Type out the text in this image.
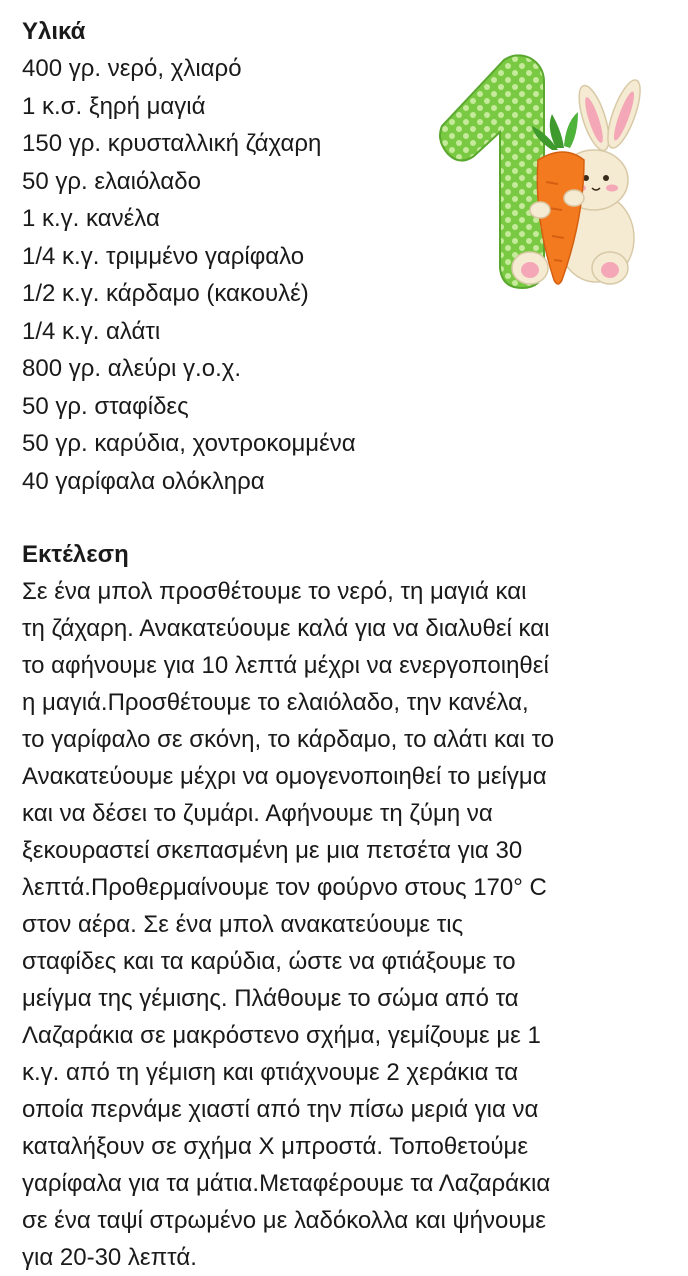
Υλικά
400 γρ. νερό, χλιαρό
1 κ.σ. ξηρή μαγιά
150 γρ. κρυσταλλική ζάχαρη
50 γρ. ελαιόλαδο
1 κ.γ. κανέλα
1/4 κ.γ. τριμμένο γαρίφαλο
1/2 κ.γ. κάρδαμο (κακουλέ)
1/4 κ.γ. αλάτι
800 γρ. αλεύρι γ.ο.χ.
50 γρ. σταφίδες
50 γρ. καρύδια, χοντροκομμένα
40 γαρίφαλα ολόκληρα
Εκτέλεση

Σε ένα μπολ προσθέτουμε το νερό, τη μαγιά και

τη ζάχαρη. Ανακατεύουμε καλά για να διαλυθεί και

το αφήνουμε για 10 λεπτά μέχρι να ενεργοποιηθεί

η μαγιά.Προσθέτουμε το ελαιόλαδο, την κανέλα,

το γαρίφαλο σε σκόνη, το κάρδαμο, το αλάτι και το

Ανακατεύουμε μέχρι να ομογενοποιηθεί το μείγμα

και να δέσει το ζυμάρι. Αφήνουμε τη ζύμη να

ξεκουραστεί σκεπασμένη με μια πετσέτα για 30

λεπτά.Προθερμαίνουμε τον φούρνο στους 170° C

στον αέρα. Σε ένα μπολ ανακατεύουμε τις

σταφίδες και τα καρύδια, ώστε να φτιάξουμε το

μείγμα της γέμισης. Πλάθουμε το σώμα από τα

Λαζαράκια σε μακρόστενο σχήμα, γεμίζουμε με 1

κ.γ. από τη γέμιση και φτιάχνουμε 2 χεράκια τα

οποία περνάμε χιαστί από την πίσω μεριά για να

καταλήξουν σε σχήμα Χ μπροστά. Τοποθετούμε

γαρίφαλα για τα μάτια.Μεταφέρουμε τα Λαζαράκια

σε ένα ταψί στρωμένο με λαδόκολλα και ψήνουμε

για 20-30 λεπτά.
